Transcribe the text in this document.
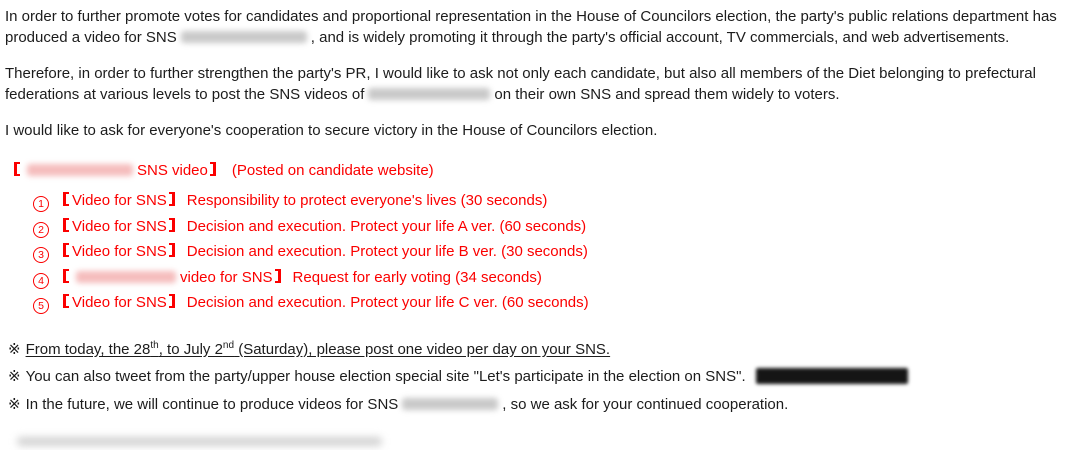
In order to further promote votes for candidates and proportional representation in the House of Councilors election, the party's public relations department has produced a video for SNS	, and is widely promoting it through the party's official account, TV commercials, and web advertisements.

Therefore, in order to further strengthen the party's PR, I would like to ask not only each candidate, but also all members of the Diet belonging to prefectural federations at various levels to post the SNS videos of	on their own SNS and spread them widely to voters.

I would like to ask for everyone's cooperation to secure victory in the House of Councilors election.

SNS video (Posted on candidate website)

1 Video for SNS Responsibility to protect everyone's lives (30 seconds)
2 Video for SNS Decision and execution. Protect your life A ver. (60 seconds)
3 Video for SNS Decision and execution. Protect your life B ver. (30 seconds)
4	video for SNS Request for early voting (34 seconds)
5 Video for SNS Decision and execution. Protect your life C ver. (60 seconds)

※ From today, the 28th, to July 2nd (Saturday), please post one video per day on your SNS.

※ You can also tweet from the party/upper house election special site "Let's participate in the election on SNS".

※ In the future, we will continue to produce videos for SNS	, so we ask for your continued cooperation.
